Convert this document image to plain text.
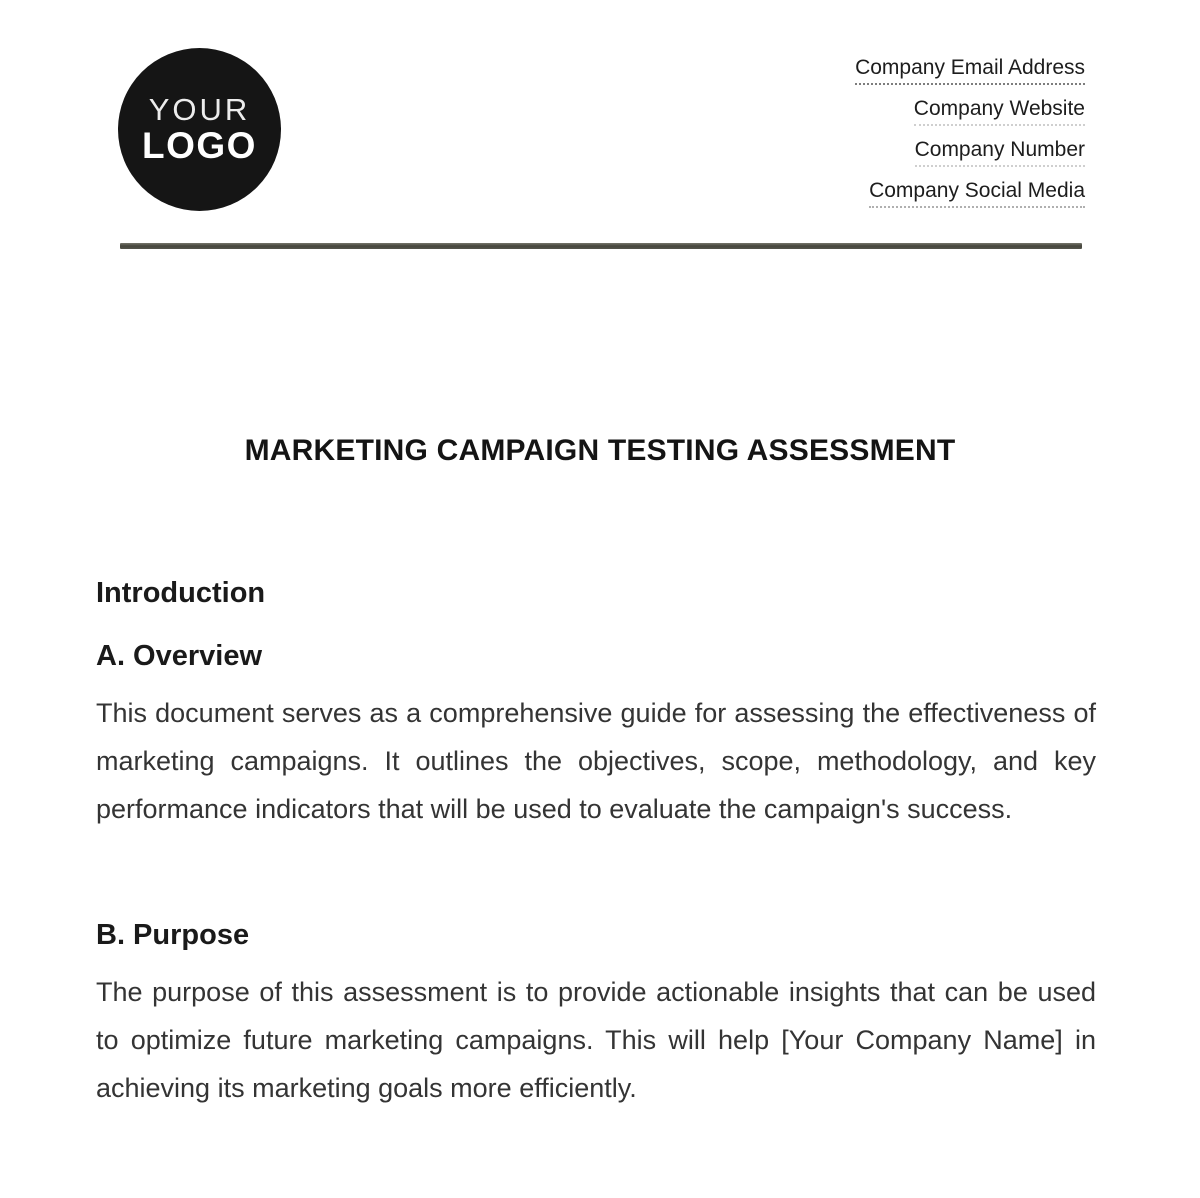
YOUR
LOGO
Company Email Address
Company Website
Company Number
Company Social Media
MARKETING CAMPAIGN TESTING ASSESSMENT
Introduction
A. Overview
This document serves as a comprehensive guide for assessing the effectiveness of marketing campaigns. It outlines the objectives, scope, methodology, and key performance indicators that will be used to evaluate the campaign's success.
B. Purpose
The purpose of this assessment is to provide actionable insights that can be used to optimize future marketing campaigns. This will help [Your Company Name] in achieving its marketing goals more efficiently.
